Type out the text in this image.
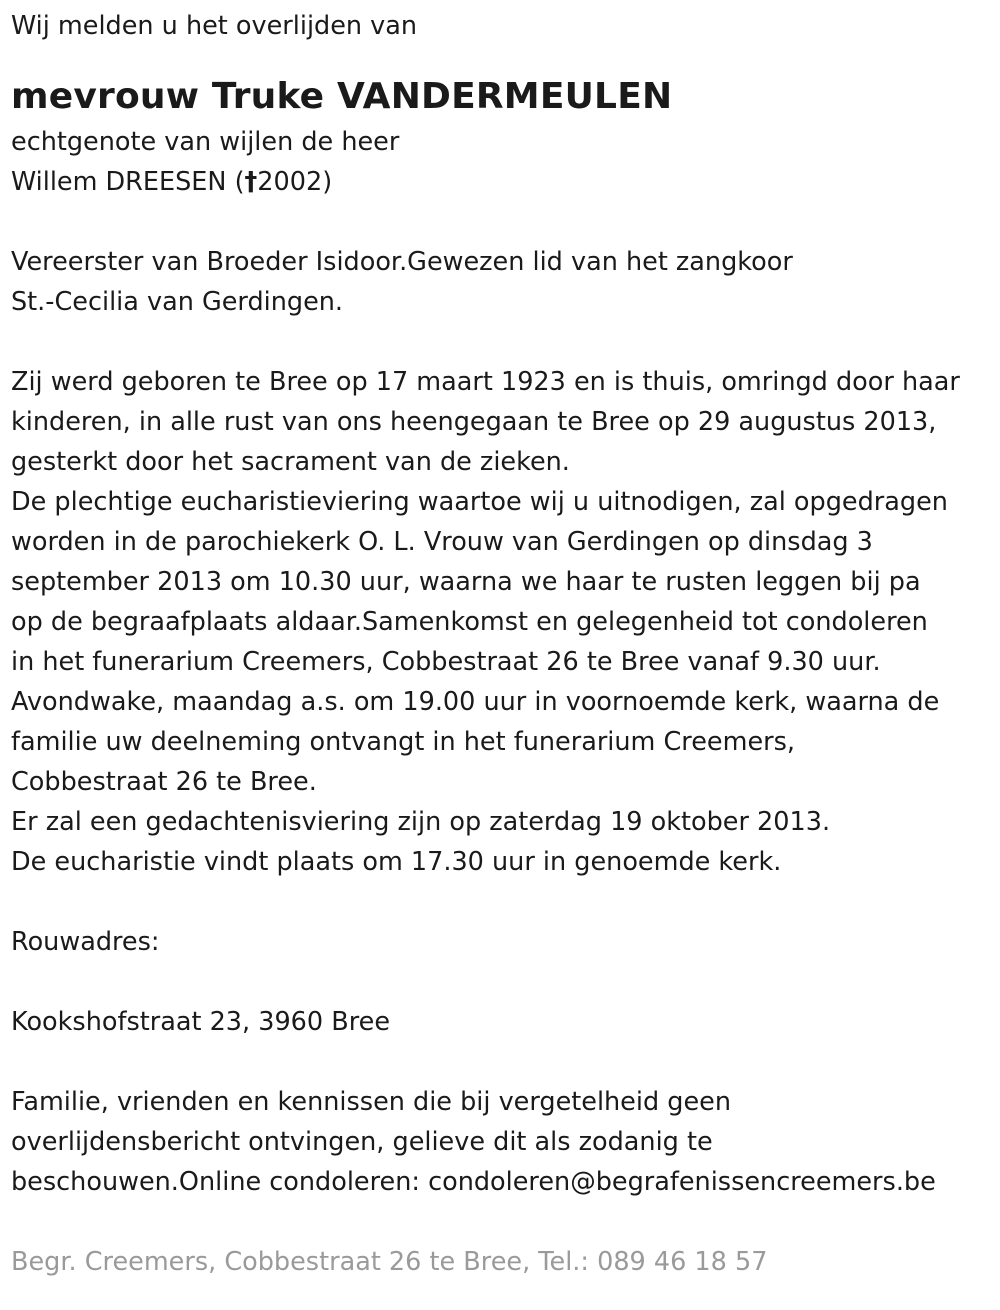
Wij melden u het overlijden van

mevrouw Truke VANDERMEULEN

echtgenote van wijlen de heer

Willem DREESEN (†2002)

Vereerster van Broeder Isidoor.Gewezen lid van het zangkoor

St.-Cecilia van Gerdingen.

Zij werd geboren te Bree op 17 maart 1923 en is thuis, omringd door haar

kinderen, in alle rust van ons heengegaan te Bree op 29 augustus 2013,

gesterkt door het sacrament van de zieken.

De plechtige eucharistieviering waartoe wij u uitnodigen, zal opgedragen

worden in de parochiekerk O. L. Vrouw van Gerdingen op dinsdag 3

september 2013 om 10.30 uur, waarna we haar te rusten leggen bij pa

op de begraafplaats aldaar.Samenkomst en gelegenheid tot condoleren

in het funerarium Creemers, Cobbestraat 26 te Bree vanaf 9.30 uur.

Avondwake, maandag a.s. om 19.00 uur in voornoemde kerk, waarna de

familie uw deelneming ontvangt in het funerarium Creemers,

Cobbestraat 26 te Bree.

Er zal een gedachtenisviering zijn op zaterdag 19 oktober 2013.

De eucharistie vindt plaats om 17.30 uur in genoemde kerk.

Rouwadres:

Kookshofstraat 23, 3960 Bree

Familie, vrienden en kennissen die bij vergetelheid geen

overlijdensbericht ontvingen, gelieve dit als zodanig te

beschouwen.Online condoleren: condoleren@begrafenissencreemers.be

Begr. Creemers, Cobbestraat 26 te Bree, Tel.: 089 46 18 57
